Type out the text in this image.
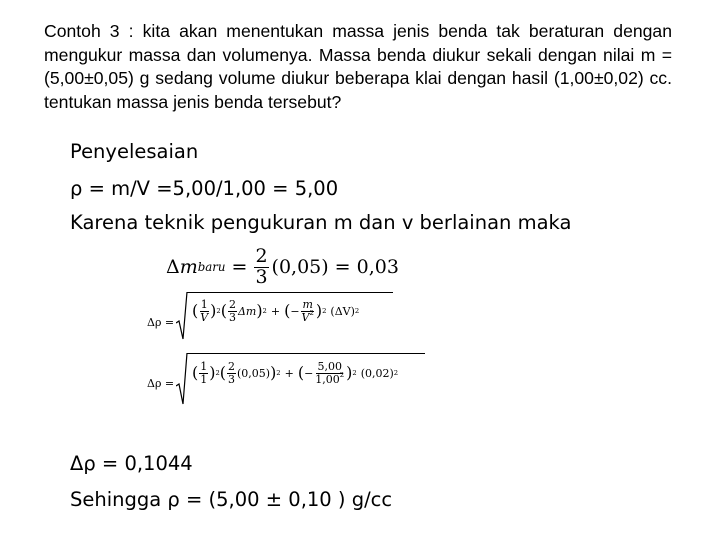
Contoh 3 : kita akan menentukan massa jenis benda tak beraturan dengan mengukur massa dan volumenya. Massa benda diukur sekali dengan nilai m = (5,00±0,05) g sedang volume diukur beberapa klai dengan hasil (1,00±0,02) cc. tentukan massa jenis benda tersebut?
Penyelesaian
ρ = m/V =5,00/1,00 = 5,00
Karena teknik pengukuran m dan v berlainan maka
Δ m baru = $\frac{2}{3} (0,05) = 0,03$
Δρ =
( 1
V ) 2 ( 2
3 Δm ) 2 + ( − $\frac{m}{V^2}$ ) 2 (ΔV) 2
Δρ =
( 1
1 ) 2 ( 2
3 (0,05) ) 2 + ( − $\frac{5,00}{1,00^2}$ ) 2 (0,02) 2
Δρ = 0,1044
Sehingga ρ = (5,00 ± 0,10 ) g/cc
